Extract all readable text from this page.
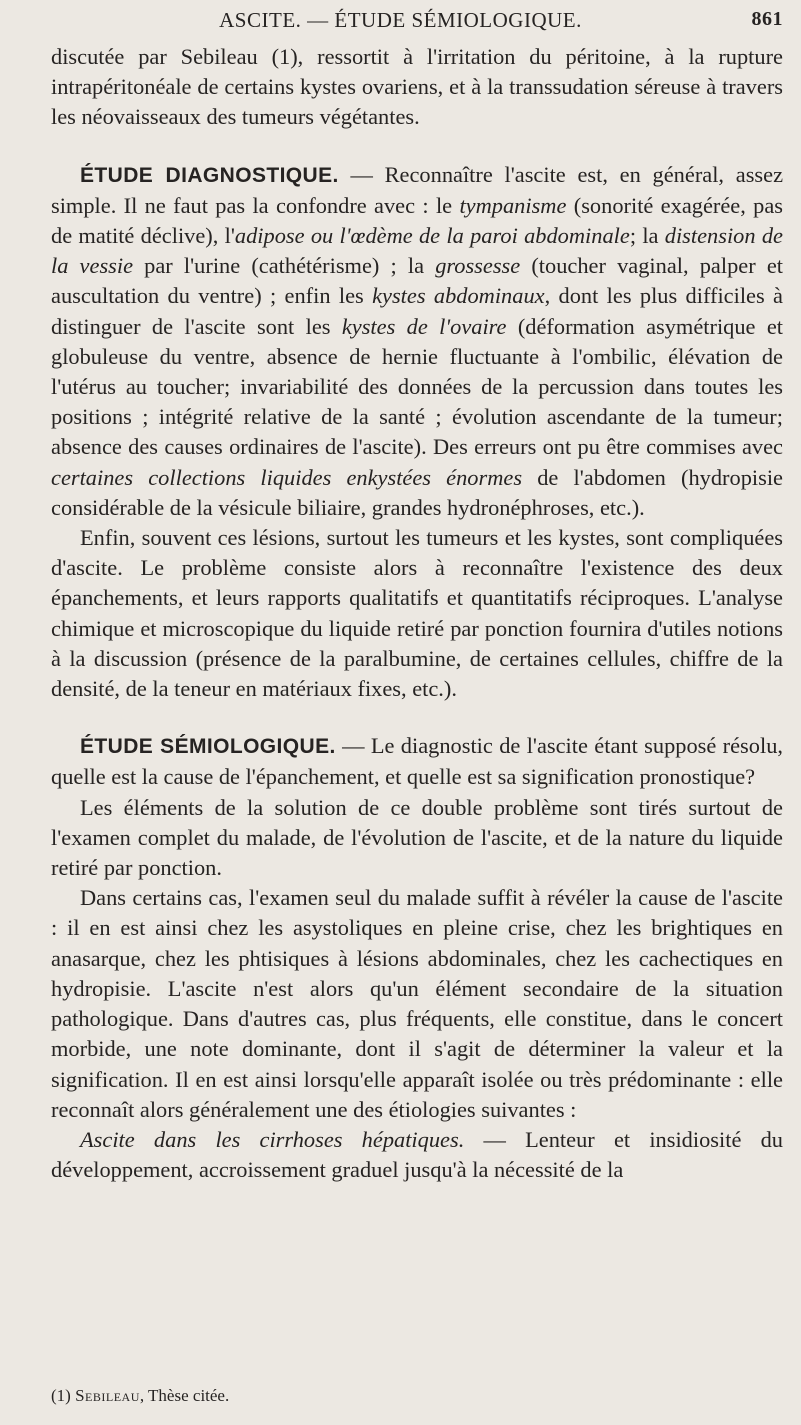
ASCITE. — ÉTUDE SÉMIOLOGIQUE.	861

discutée par Sebileau (1), ressortit à l'irritation du péritoine, à la rupture intrapéritonéale de certains kystes ovariens, et à la transsudation séreuse à travers les néovaisseaux des tumeurs végétantes.

ÉTUDE DIAGNOSTIQUE. — Reconnaître l'ascite est, en général, assez simple. Il ne faut pas la confondre avec : le tympanisme (sonorité exagérée, pas de matité déclive), l'adipose ou l'œdème de la paroi abdominale; la distension de la vessie par l'urine (cathétérisme) ; la grossesse (toucher vaginal, palper et auscultation du ventre) ; enfin les kystes abdominaux, dont les plus difficiles à distinguer de l'ascite sont les kystes de l'ovaire (déformation asymétrique et globuleuse du ventre, absence de hernie fluctuante à l'ombilic, élévation de l'utérus au toucher; invariabilité des données de la percussion dans toutes les positions ; intégrité relative de la santé ; évolution ascendante de la tumeur; absence des causes ordinaires de l'ascite). Des erreurs ont pu être commises avec certaines collections liquides enkystées énormes de l'abdomen (hydropisie considérable de la vésicule biliaire, grandes hydronéphroses, etc.).

Enfin, souvent ces lésions, surtout les tumeurs et les kystes, sont compliquées d'ascite. Le problème consiste alors à reconnaître l'existence des deux épanchements, et leurs rapports qualitatifs et quantitatifs réciproques. L'analyse chimique et microscopique du liquide retiré par ponction fournira d'utiles notions à la discussion (présence de la paralbumine, de certaines cellules, chiffre de la densité, de la teneur en matériaux fixes, etc.).

ÉTUDE SÉMIOLOGIQUE. — Le diagnostic de l'ascite étant supposé résolu, quelle est la cause de l'épanchement, et quelle est sa signification pronostique?

Les éléments de la solution de ce double problème sont tirés surtout de l'examen complet du malade, de l'évolution de l'ascite, et de la nature du liquide retiré par ponction.

Dans certains cas, l'examen seul du malade suffit à révéler la cause de l'ascite : il en est ainsi chez les asystoliques en pleine crise, chez les brightiques en anasarque, chez les phtisiques à lésions abdominales, chez les cachectiques en hydropisie. L'ascite n'est alors qu'un élément secondaire de la situation pathologique. Dans d'autres cas, plus fréquents, elle constitue, dans le concert morbide, une note dominante, dont il s'agit de déterminer la valeur et la signification. Il en est ainsi lorsqu'elle apparaît isolée ou très prédominante : elle reconnaît alors généralement une des étiologies suivantes :

Ascite dans les cirrhoses hépatiques. — Lenteur et insidiosité du développement, accroissement graduel jusqu'à la nécessité de la

(1) Sebileau, Thèse citée.
